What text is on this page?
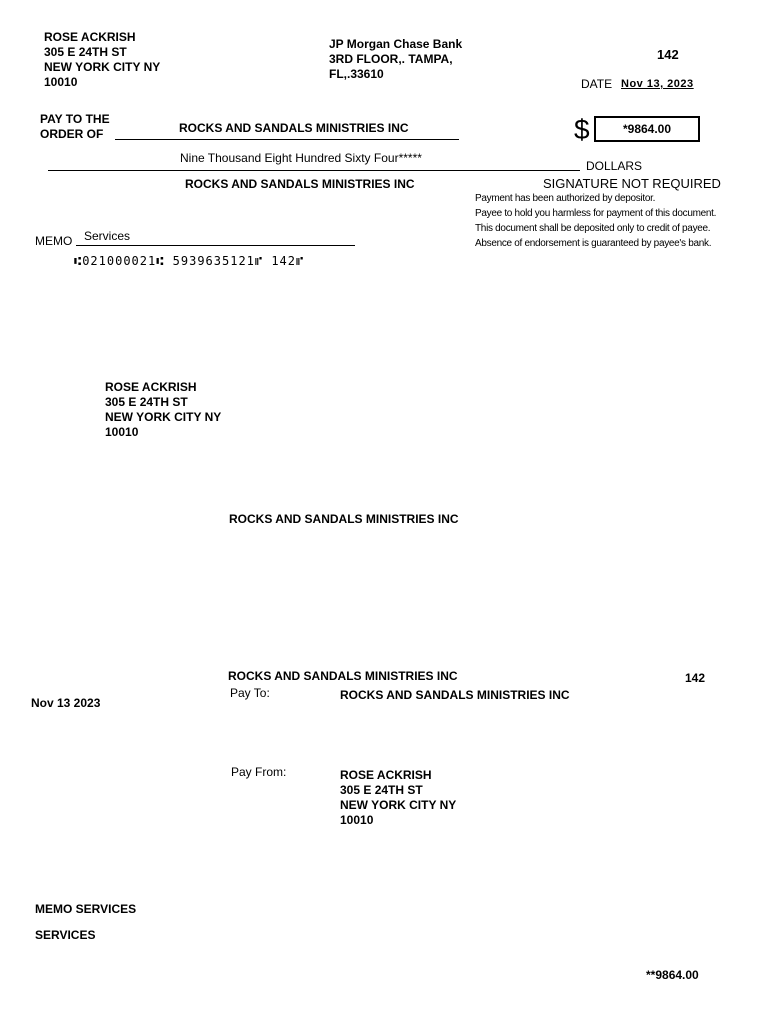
ROSE ACKRISH
305 E 24TH ST
NEW YORK CITY NY
10010
JP Morgan Chase Bank
3RD FLOOR,. TAMPA,
FL,.33610
142
DATE Nov 13, 2023
PAY TO THE
ORDER OF	ROCKS AND SANDALS MINISTRIES INC	$	*9864.00
Nine Thousand Eight Hundred Sixty Four*****
DOLLARS
ROCKS AND SANDALS MINISTRIES INC	SIGNATURE NOT REQUIRED
Payment has been authorized by depositor.
Payee to hold you harmless for payment of this document.
This document shall be deposited only to credit of payee.
Absence of endorsement is guaranteed by payee's bank.
MEMO Services
⑆021000021⑆ 5939635121⑈ 142⑈
ROSE ACKRISH
305 E 24TH ST
NEW YORK CITY NY
10010
ROCKS AND SANDALS MINISTRIES INC
ROCKS AND SANDALS MINISTRIES INC	142
Nov 13 2023
Pay To:	ROCKS AND SANDALS MINISTRIES INC
Pay From:	ROSE ACKRISH
305 E 24TH ST
NEW YORK CITY NY
10010
MEMO SERVICES
SERVICES
**9864.00
